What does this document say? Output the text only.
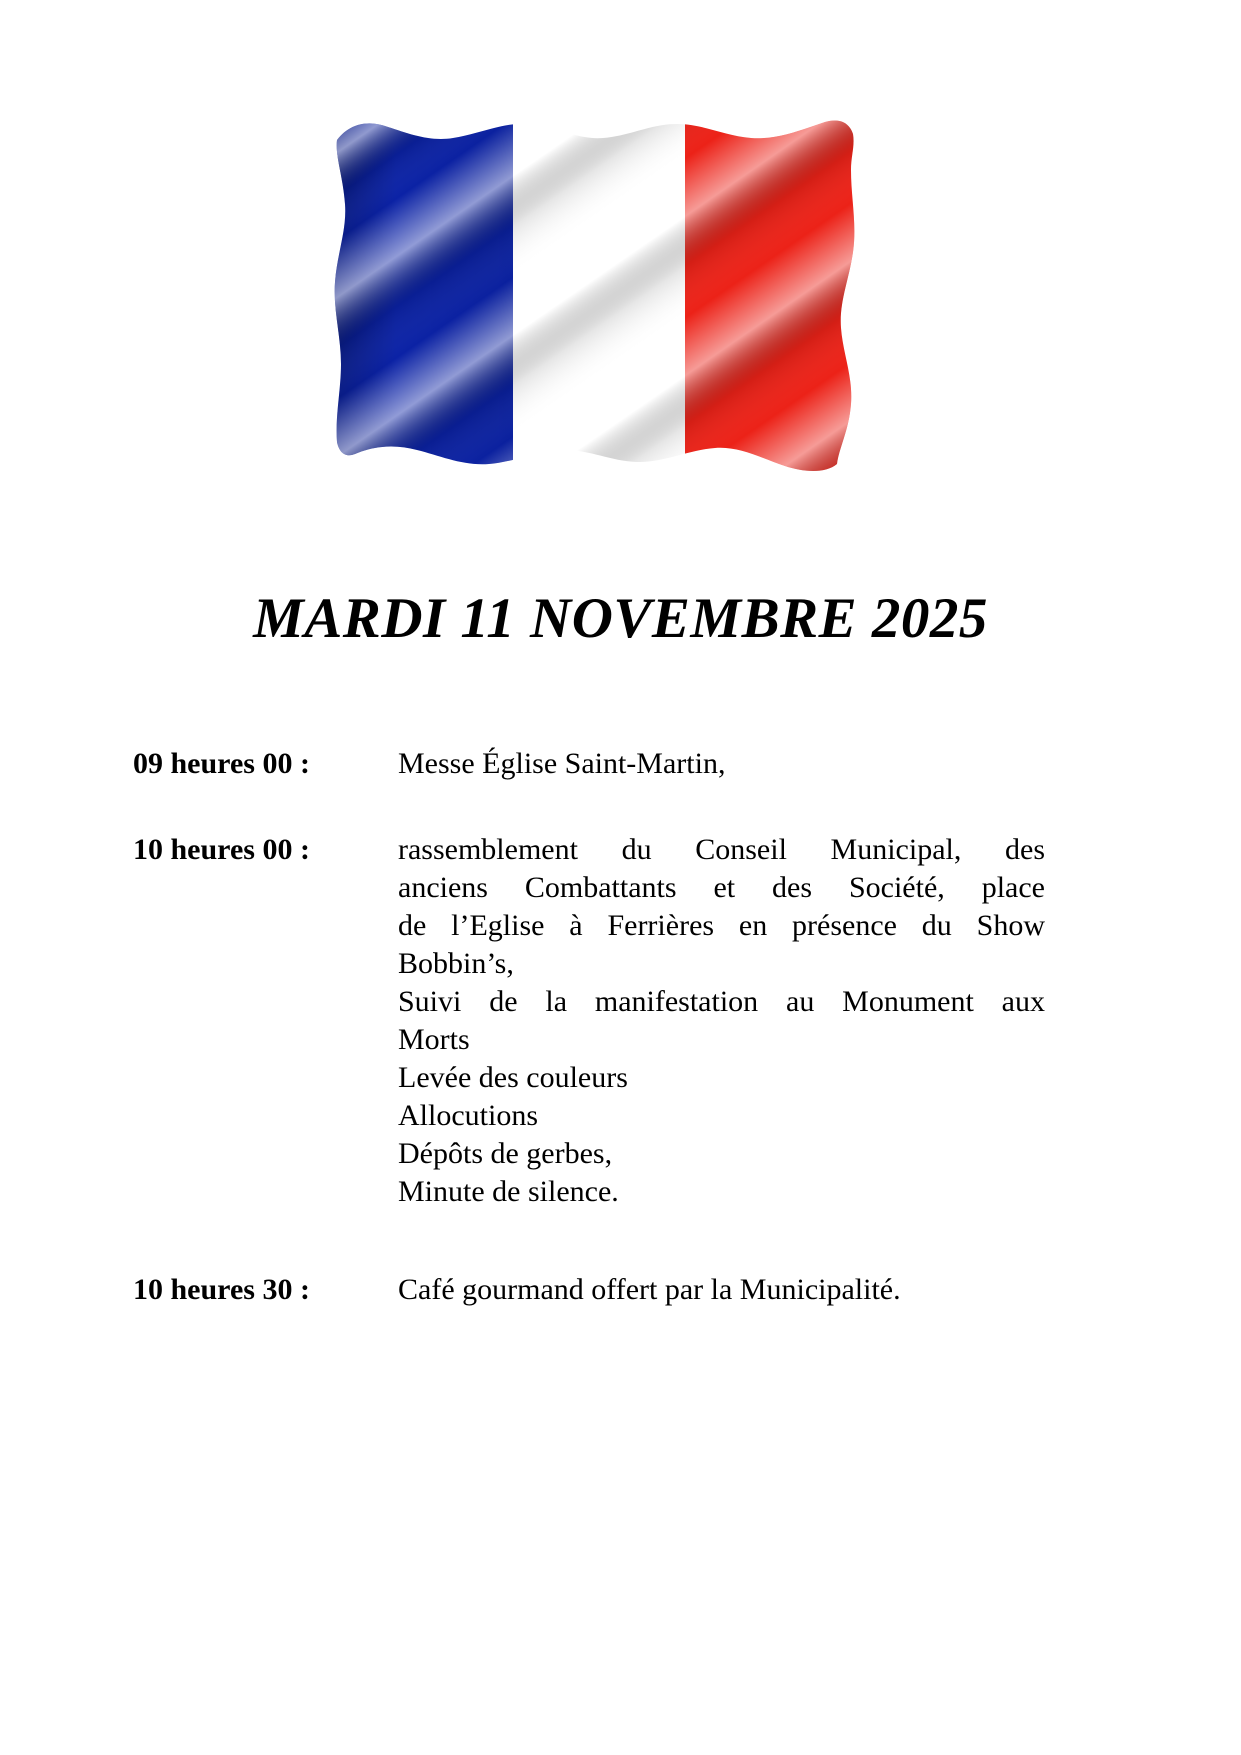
MARDI 11 NOVEMBRE 2025
09 heures 00 :	Messe Église Saint-Martin,
10 heures 00 :	rassemblement du Conseil Municipal, des
anciens Combattants et des Société, place
de l’Eglise à Ferrières en présence du Show
Bobbin’s,
Suivi de la manifestation au Monument aux
Morts
Levée des couleurs
Allocutions
Dépôts de gerbes,
Minute de silence.
10 heures 30 :	Café gourmand offert par la Municipalité.
